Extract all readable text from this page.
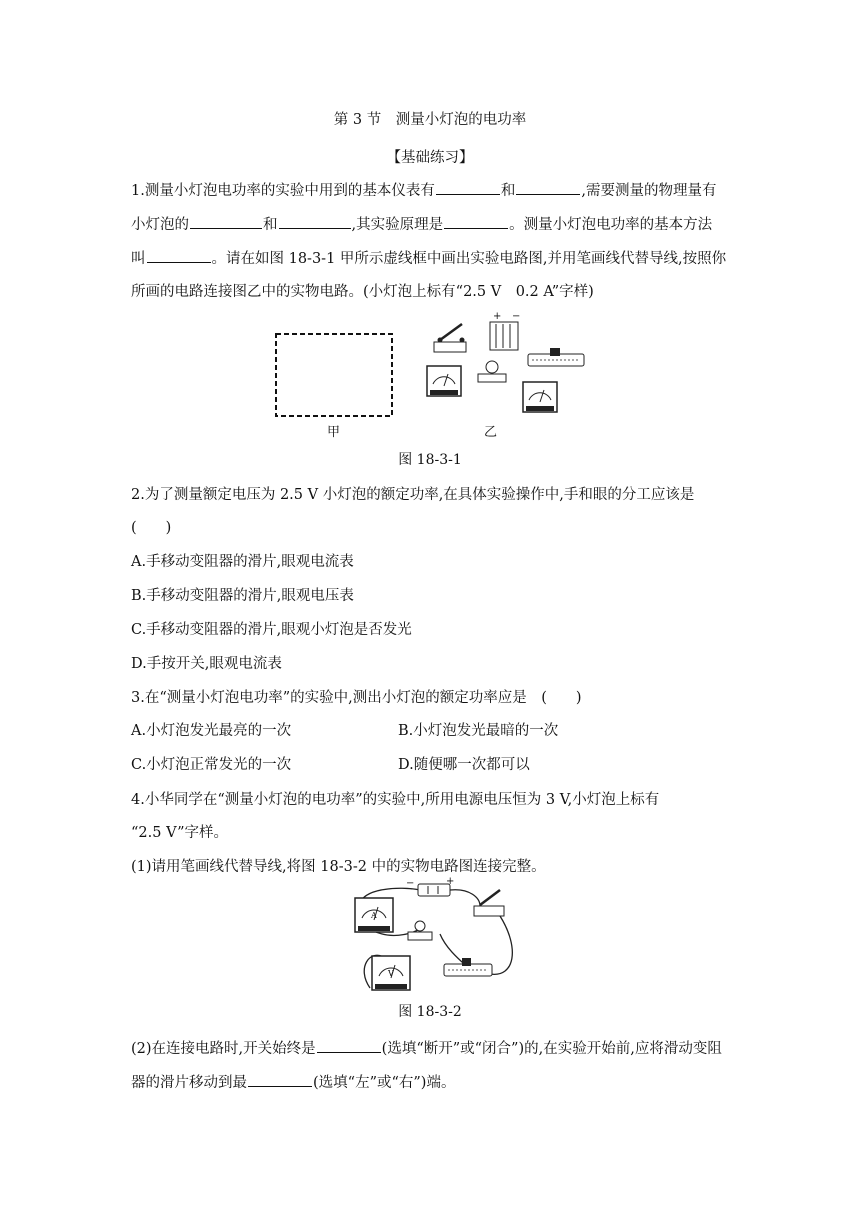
第 3 节　测量小灯泡的电功率
【基础练习】
1.测量小灯泡电功率的实验中用到的基本仪表有	和	,需要测量的物理量有
小灯泡的	和	,其实验原理是	。测量小灯泡电功率的基本方法
叫	。请在如图 18-3-1 甲所示虚线框中画出实验电路图,并用笔画线代替导线,按照你
所画的电路连接图乙中的实物电路。(小灯泡上标有“2.5 V　0.2 A”字样)
+ −
甲	乙
图 18-3-1
2.为了测量额定电压为 2.5 V 小灯泡的额定功率,在具体实验操作中,手和眼的分工应该是
(　　)
A.手移动变阻器的滑片,眼观电流表
B.手移动变阻器的滑片,眼观电压表
C.手移动变阻器的滑片,眼观小灯泡是否发光
D.手按开关,眼观电流表
3.在“测量小灯泡电功率”的实验中,测出小灯泡的额定功率应是　(　　)
A.小灯泡发光最亮的一次	B.小灯泡发光最暗的一次
C.小灯泡正常发光的一次	D.随便哪一次都可以
4.小华同学在“测量小灯泡的电功率”的实验中,所用电源电压恒为 3 V,小灯泡上标有
“2.5 V”字样。
(1)请用笔画线代替导线,将图 18-3-2 中的实物电路图连接完整。
−	+
A
V
图 18-3-2
(2)在连接电路时,开关始终是	(选填“断开”或“闭合”)的,在实验开始前,应将滑动变阻
器的滑片移动到最	(选填“左”或“右”)端。
